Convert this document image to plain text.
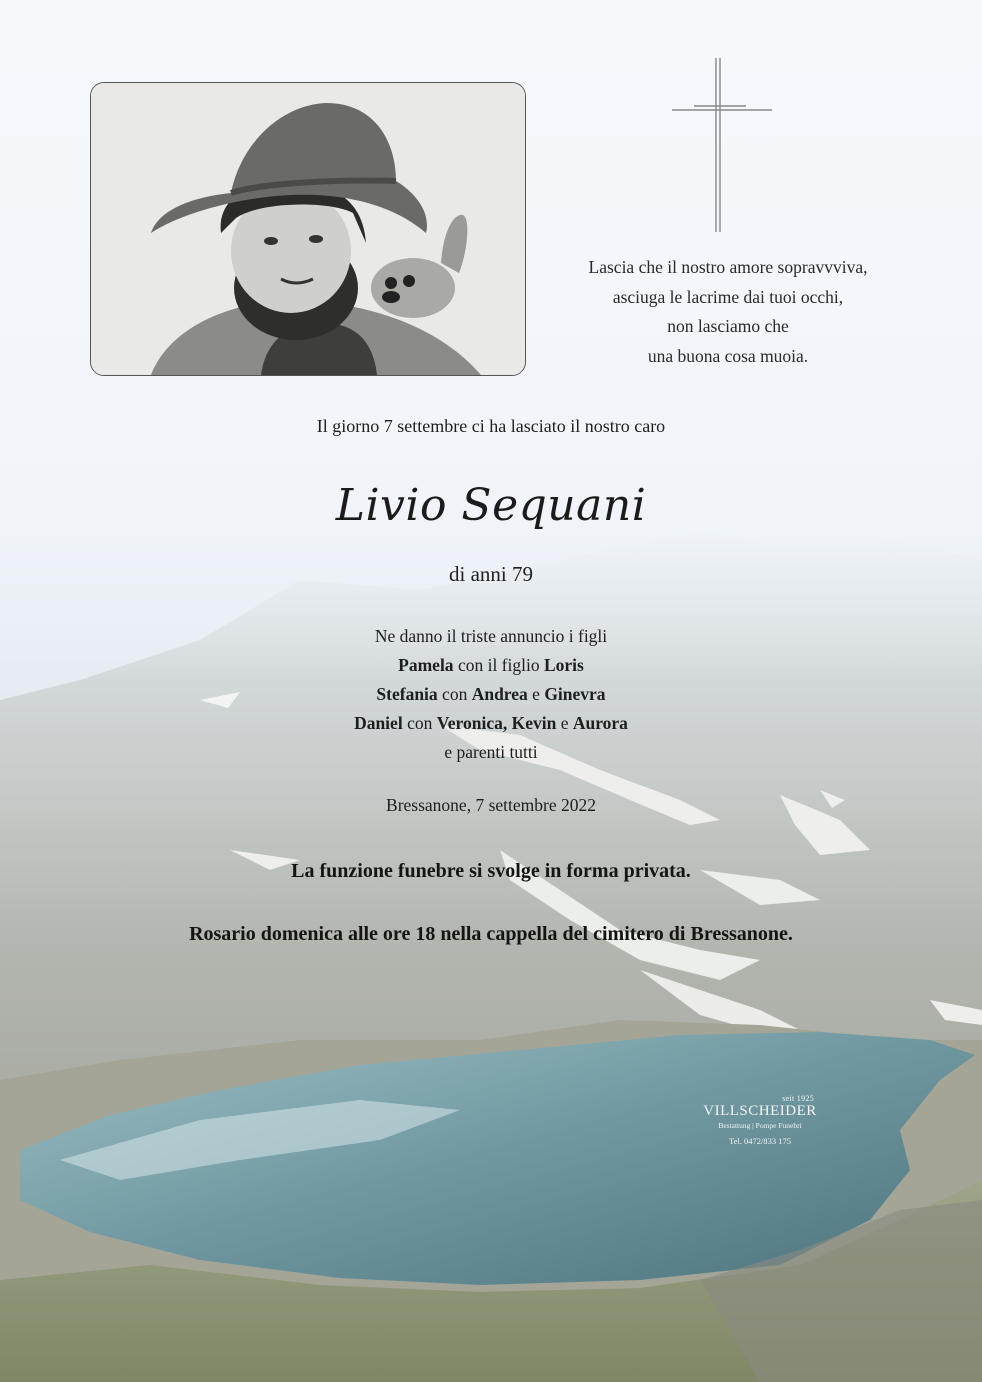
Lascia che il nostro amore sopravvviva,
asciuga le lacrime dai tuoi occhi,
non lasciamo che
una buona cosa muoia.
Il giorno 7 settembre ci ha lasciato il nostro caro
Livio Sequani
di anni 79
Ne danno il triste annuncio i figli
Pamela con il figlio Loris
Stefania con Andrea e Ginevra
Daniel con Veronica, Kevin e Aurora
e parenti tutti
Bressanone, 7 settembre 2022
La funzione funebre si svolge in forma privata.
Rosario domenica alle ore 18 nella cappella del cimitero di Bressanone.
seit 1925
VILLSCHEIDER
Bestattung | Pompe Funebri
Tel. 0472/833 175
